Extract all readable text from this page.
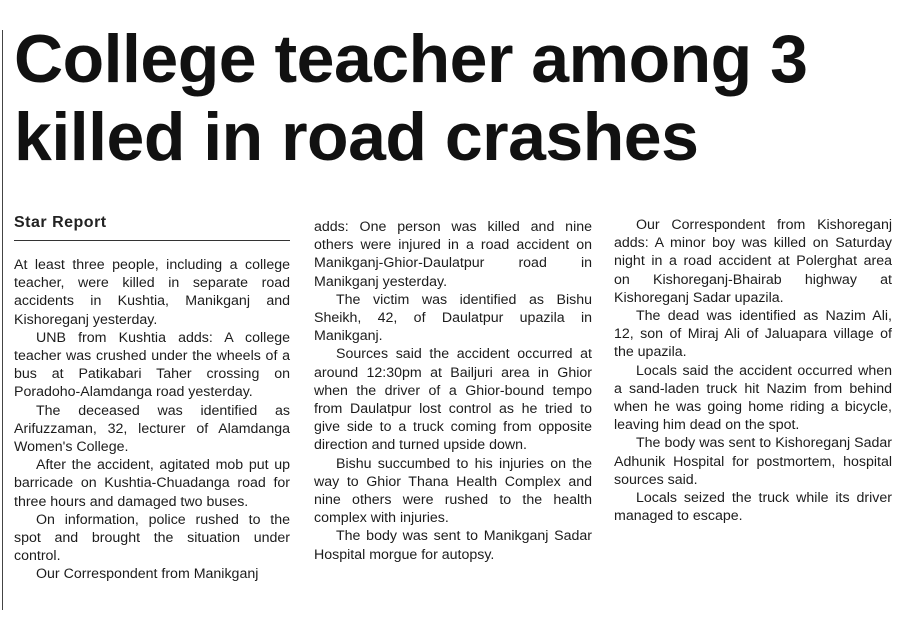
College teacher among 3
killed in road crashes
Star Report

At least three people, including a college teacher, were killed in separate road accidents in Kushtia, Manikganj and Kishoreganj yesterday.

UNB from Kushtia adds: A college teacher was crushed under the wheels of a bus at Patikabari Taher crossing on Poradoho-Alamdanga road yesterday.

The deceased was identified as Arifuzzaman, 32, lecturer of Alamdanga Women's College.

After the accident, agitated mob put up barricade on Kushtia-Chuadanga road for three hours and damaged two buses.

On information, police rushed to the spot and brought the situation under control.

Our Correspondent from Manikganj

adds: One person was killed and nine others were injured in a road accident on Manikganj-Ghior-Daulatpur road in Manikganj yesterday.

The victim was identified as Bishu Sheikh, 42, of Daulatpur upazila in Manikganj.

Sources said the accident occurred at around 12:30pm at Bailjuri area in Ghior when the driver of a Ghior-bound tempo from Daulatpur lost control as he tried to give side to a truck coming from opposite direction and turned upside down.

Bishu succumbed to his injuries on the way to Ghior Thana Health Complex and nine others were rushed to the health complex with injuries.

The body was sent to Manikganj Sadar Hospital morgue for autopsy.

Our Correspondent from Kishoreganj adds: A minor boy was killed on Saturday night in a road accident at Polerghat area on Kishoreganj-Bhairab highway at Kishoreganj Sadar upazila.

The dead was identified as Nazim Ali, 12, son of Miraj Ali of Jaluapara village of the upazila.

Locals said the accident occurred when a sand-laden truck hit Nazim from behind when he was going home riding a bicycle, leaving him dead on the spot.

The body was sent to Kishoreganj Sadar Adhunik Hospital for postmortem, hospital sources said.

Locals seized the truck while its driver managed to escape.
